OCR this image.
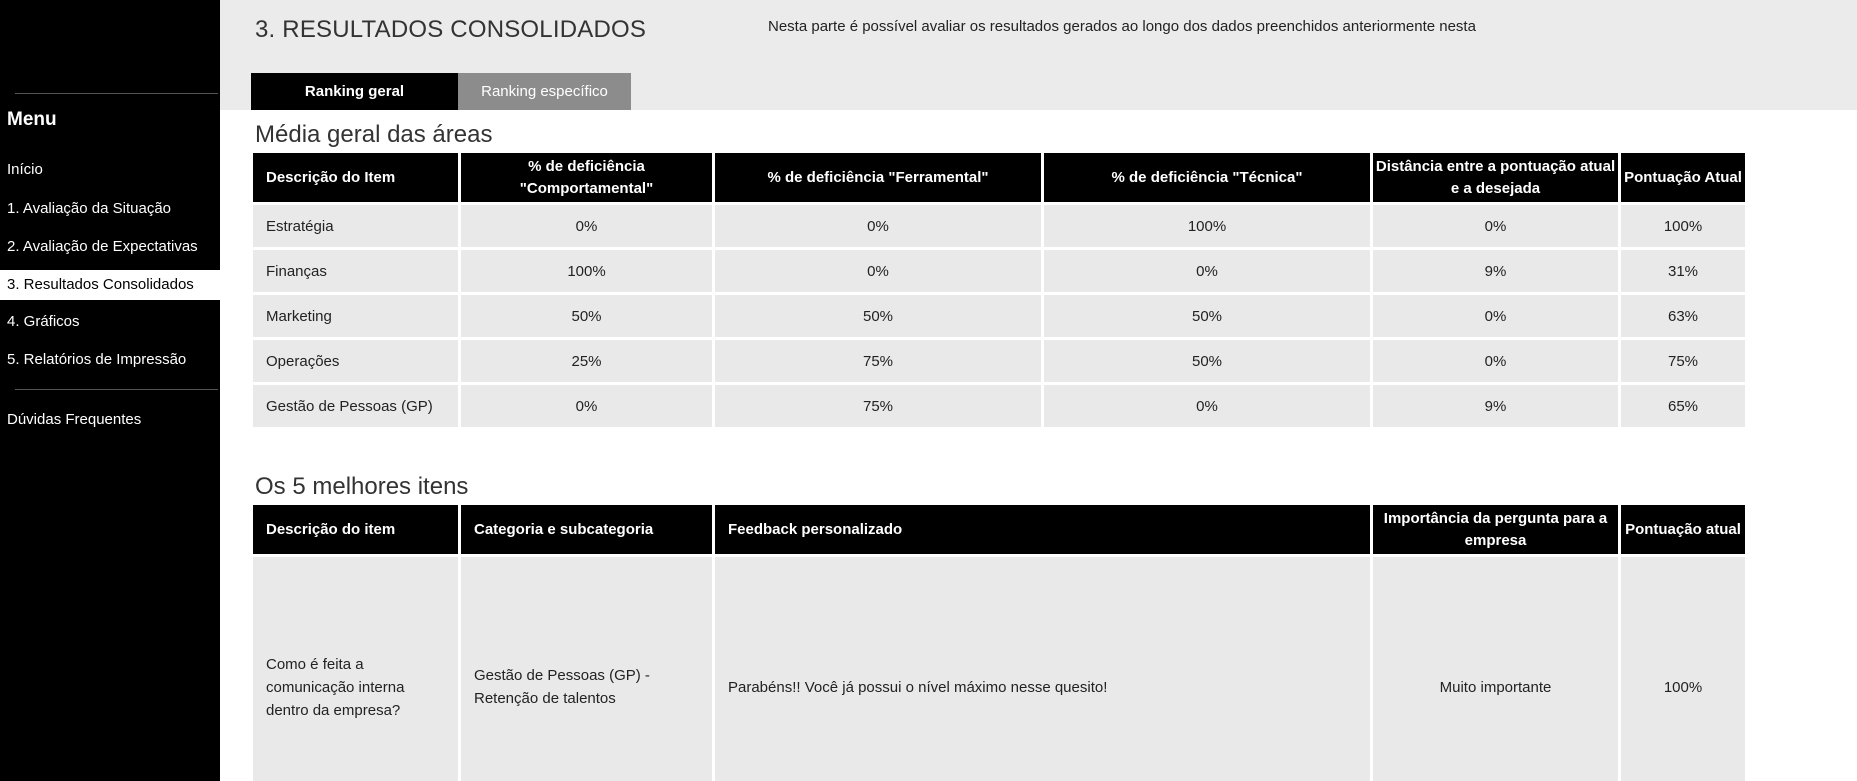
Menu
Início
1. Avaliação da Situação
2. Avaliação de Expectativas
3. Resultados Consolidados
4. Gráficos
5. Relatórios de Impressão
Dúvidas Frequentes
3. RESULTADOS CONSOLIDADOS	Nesta parte é possível avaliar os resultados gerados ao longo dos dados preenchidos anteriormente nesta
Ranking geral	Ranking específico
Média geral das áreas
Descrição do Item	% de deficiência "Comportamental"	% de deficiência "Ferramental"	% de deficiência "Técnica"	Distância entre a pontuação atual e a desejada	Pontuação Atual
Estratégia	0%	0%	100%	0%	100%
Finanças	100%	0%	0%	9%	31%
Marketing	50%	50%	50%	0%	63%
Operações	25%	75%	50%	0%	75%
Gestão de Pessoas (GP)	0%	75%	0%	9%	65%
Os 5 melhores itens
Descrição do item	Categoria e subcategoria	Feedback personalizado	Importância da pergunta para a empresa	Pontuação atual
Como é feita a comunicação interna dentro da empresa?	Gestão de Pessoas (GP) - Retenção de talentos	Parabéns!! Você já possui o nível máximo nesse quesito!	Muito importante	100%
